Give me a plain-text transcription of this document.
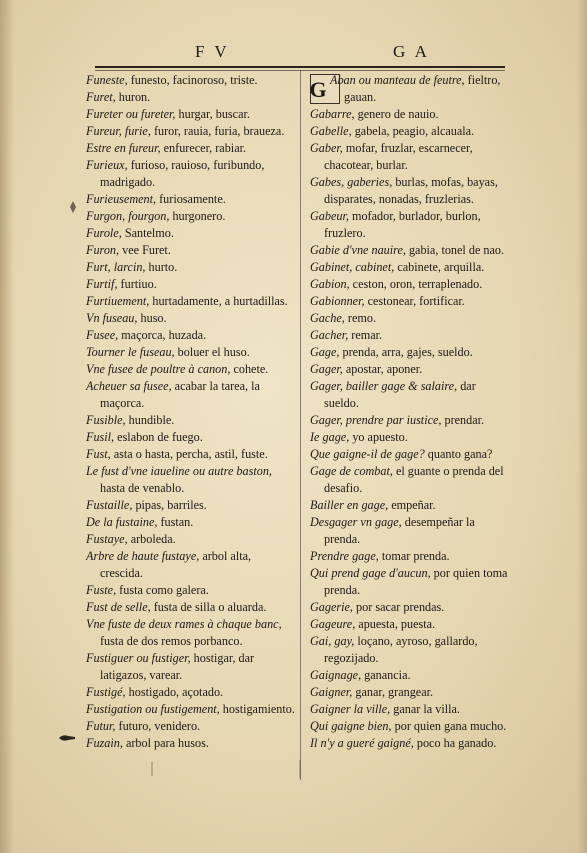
F V	G A

Funeste, funesto, facinoroso, triste.

Furet, huron.

Fureter ou fureter, hurgar, buscar.

Fureur, furie, furor, rauia, furia, braueza.

Estre en fureur, enfurecer, rabiar.

Furieux, furioso, rauioso, furibundo, madrigado.

Furieusement, furiosamente.

Furgon, fourgon, hurgonero.

Furole, Santelmo.

Furon, vee Furet.

Furt, larcin, hurto.

Furtif, furtiuo.

Furtiuement, hurtadamente, a hurtadillas.

Vn fuseau, huso.

Fusee, maçorca, huzada.

Tourner le fuseau, boluer el huso.

Vne fusee de poultre à canon, cohete.

Acheuer sa fusee, acabar la tarea, la maçorca.

Fusible, hundible.

Fusil, eslabon de fuego.

Fust, asta o hasta, percha, astil, fuste.

Le fust d'vne iaueline ou autre baston, hasta de venablo.

Fustaille, pipas, barriles.

De la fustaine, fustan.

Fustaye, arboleda.

Arbre de haute fustaye, arbol alta, crescida.

Fuste, fusta como galera.

Fust de selle, fusta de silla o aluarda.

Vne fuste de deux rames à chaque banc, fusta de dos remos porbanco.

Fustiguer ou fustiger, hostigar, dar latigazos, varear.

Fustigé, hostigado, açotado.

Fustigation ou fustigement, hostigamiento.

Futur, futuro, venidero.

Fuzain, arbol para husos.

G Aban ou manteau de feutre, fieltro, gauan.

Gabarre, genero de nauio.

Gabelle, gabela, peagio, alcauala.

Gaber, mofar, fruzlar, escarnecer, chacotear, burlar.

Gabes, gaberies, burlas, mofas, bayas, disparates, nonadas, fruzlerias.

Gabeur, mofador, burlador, burlon, fruzlero.

Gabie d'vne nauire, gabia, tonel de nao.

Gabinet, cabinet, cabinete, arquilla.

Gabion, ceston, oron, terraplenado.

Gabionner, cestonear, fortificar.

Gache, remo.

Gacher, remar.

Gage, prenda, arra, gajes, sueldo.

Gager, apostar, aponer.

Gager, bailler gage & salaire, dar sueldo.

Gager, prendre par iustice, prendar.

Ie gage, yo apuesto.

Que gaigne-il de gage? quanto gana?

Gage de combat, el guante o prenda del desafio.

Bailler en gage, empeñar.

Desgager vn gage, desempeñar la prenda.

Prendre gage, tomar prenda.

Qui prend gage d'aucun, por quien toma prenda.

Gagerie, por sacar prendas.

Gageure, apuesta, puesta.

Gai, gay, loçano, ayroso, gallardo, regozijado.

Gaignage, ganancia.

Gaigner, ganar, grangear.

Gaigner la ville, ganar la villa.

Qui gaigne bien, por quien gana mucho.

Il n'y a gueré gaigné, poco ha ganado.
